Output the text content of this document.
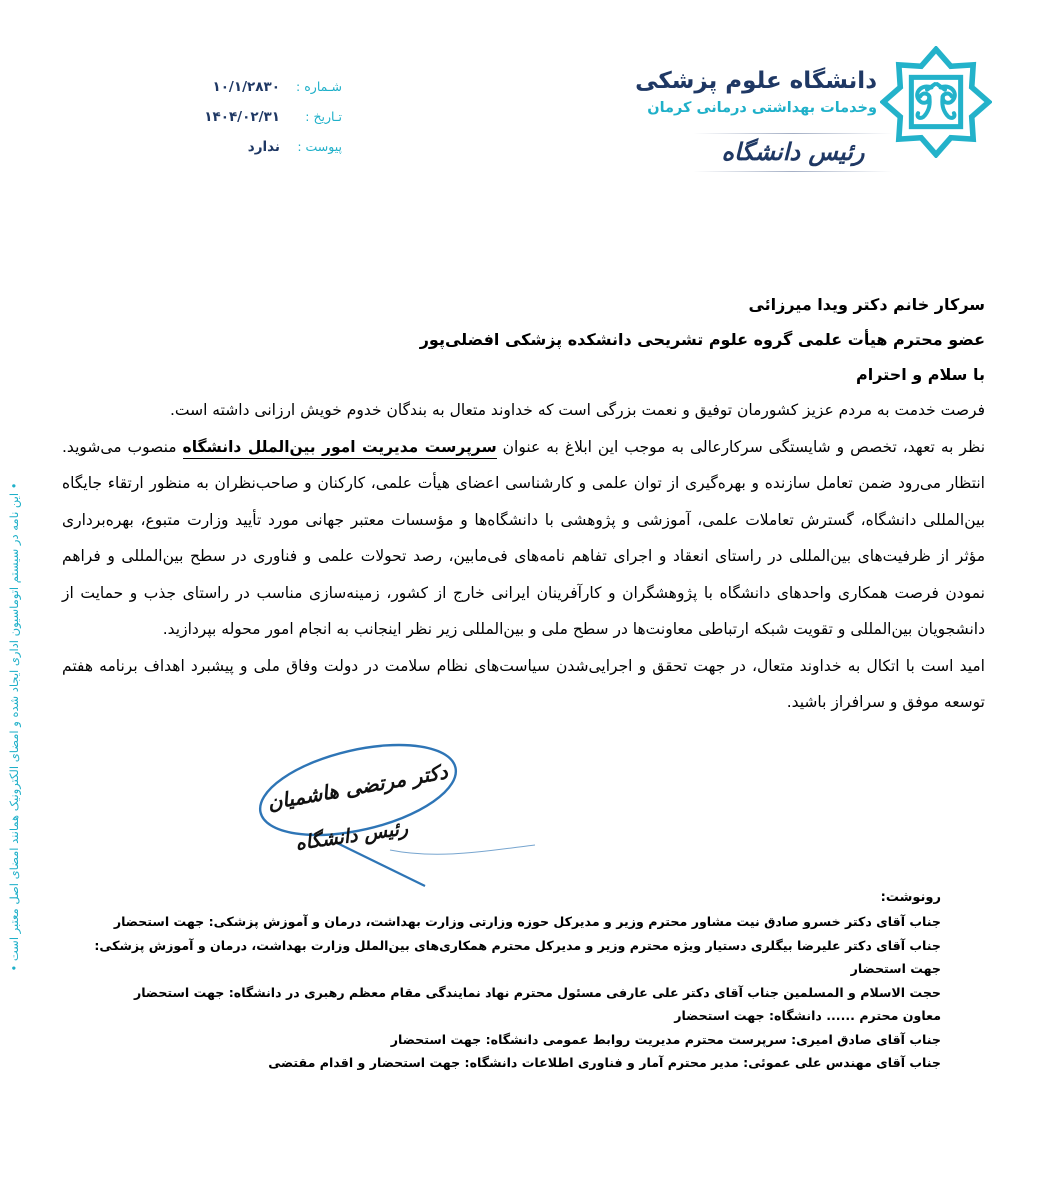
• این نامه در سیستم اتوماسیون اداری ایجاد شده و امضای الکترونیک همانند امضای اصل معتبر است •
دانشگاه علوم پزشکی
وخدمات بهداشتی درمانی کرمان
رئیس دانشگاه
شـماره :
۱۰/۱/۲۸۳۰
تـاریخ :
۱۴۰۴/۰۲/۳۱
پیوست :
ندارد
سرکار خانم دکتر ویدا میرزائی
عضو محترم هیأت علمی گروه علوم تشریحی دانشکده پزشکی افضلی‌پور
با سلام و احترام

فرصت خدمت به مردم عزیز کشورمان توفیق و نعمت بزرگی است که خداوند متعال به بندگان خدوم خویش ارزانی داشته است.

نظر به تعهد، تخصص و شایستگی سرکارعالی به موجب این ابلاغ به عنوان سرپرست مدیریت امور بین‌الملل دانشگاه منصوب می‌شوید. انتظار می‌رود ضمن تعامل سازنده و بهره‌گیری از توان علمی و کارشناسی اعضای هیأت علمی، کارکنان و صاحب‌نظران به منظور ارتقاء جایگاه بین‌المللی دانشگاه، گسترش تعاملات علمی، آموزشی و پژوهشی با دانشگاه‌ها و مؤسسات معتبر جهانی مورد تأیید وزارت متبوع، بهره‌برداری مؤثر از ظرفیت‌های بین‌المللی در راستای انعقاد و اجرای تفاهم نامه‌های فی‌مابین، رصد تحولات علمی و فناوری در سطح بین‌المللی و فراهم نمودن فرصت همکاری واحدهای دانشگاه با پژوهشگران و کارآفرینان ایرانی خارج از کشور، زمینه‌سازی مناسب در راستای جذب و حمایت از دانشجویان بین‌المللی و تقویت شبکه ارتباطی معاونت‌ها در سطح ملی و بین‌المللی زیر نظر اینجانب به انجام امور محوله بپردازید.

امید است با اتکال به خداوند متعال، در جهت تحقق و اجرایی‌شدن سیاست‌های نظام سلامت در دولت وفاق ملی و پیشبرد اهداف برنامه هفتم توسعه موفق و سرافراز باشید.

دکتر مرتضی هاشمیان
رئیس دانشگاه
رونوشت:
جناب آقای دکتر خسرو صادق نیت مشاور محترم وزیر و مدیرکل حوزه وزارتی وزارت بهداشت، درمان و آموزش پزشکی: جهت استحضار
جناب آقای دکتر علیرضا بیگلری دستیار ویژه محترم وزیر و مدیرکل محترم همکاری‌های بین‌الملل وزارت بهداشت، درمان و آموزش پزشکی: جهت استحضار
حجت الاسلام و المسلمین جناب آقای دکتر علی عارفی مسئول محترم نهاد نمایندگی مقام معظم رهبری در دانشگاه: جهت استحضار
معاون محترم ...... دانشگاه: جهت استحضار
جناب آقای صادق امیری: سرپرست محترم مدیریت روابط عمومی دانشگاه: جهت استحضار
جناب آقای مهندس علی عموئی: مدیر محترم آمار و فناوری اطلاعات دانشگاه: جهت استحضار و اقدام مقتضی
